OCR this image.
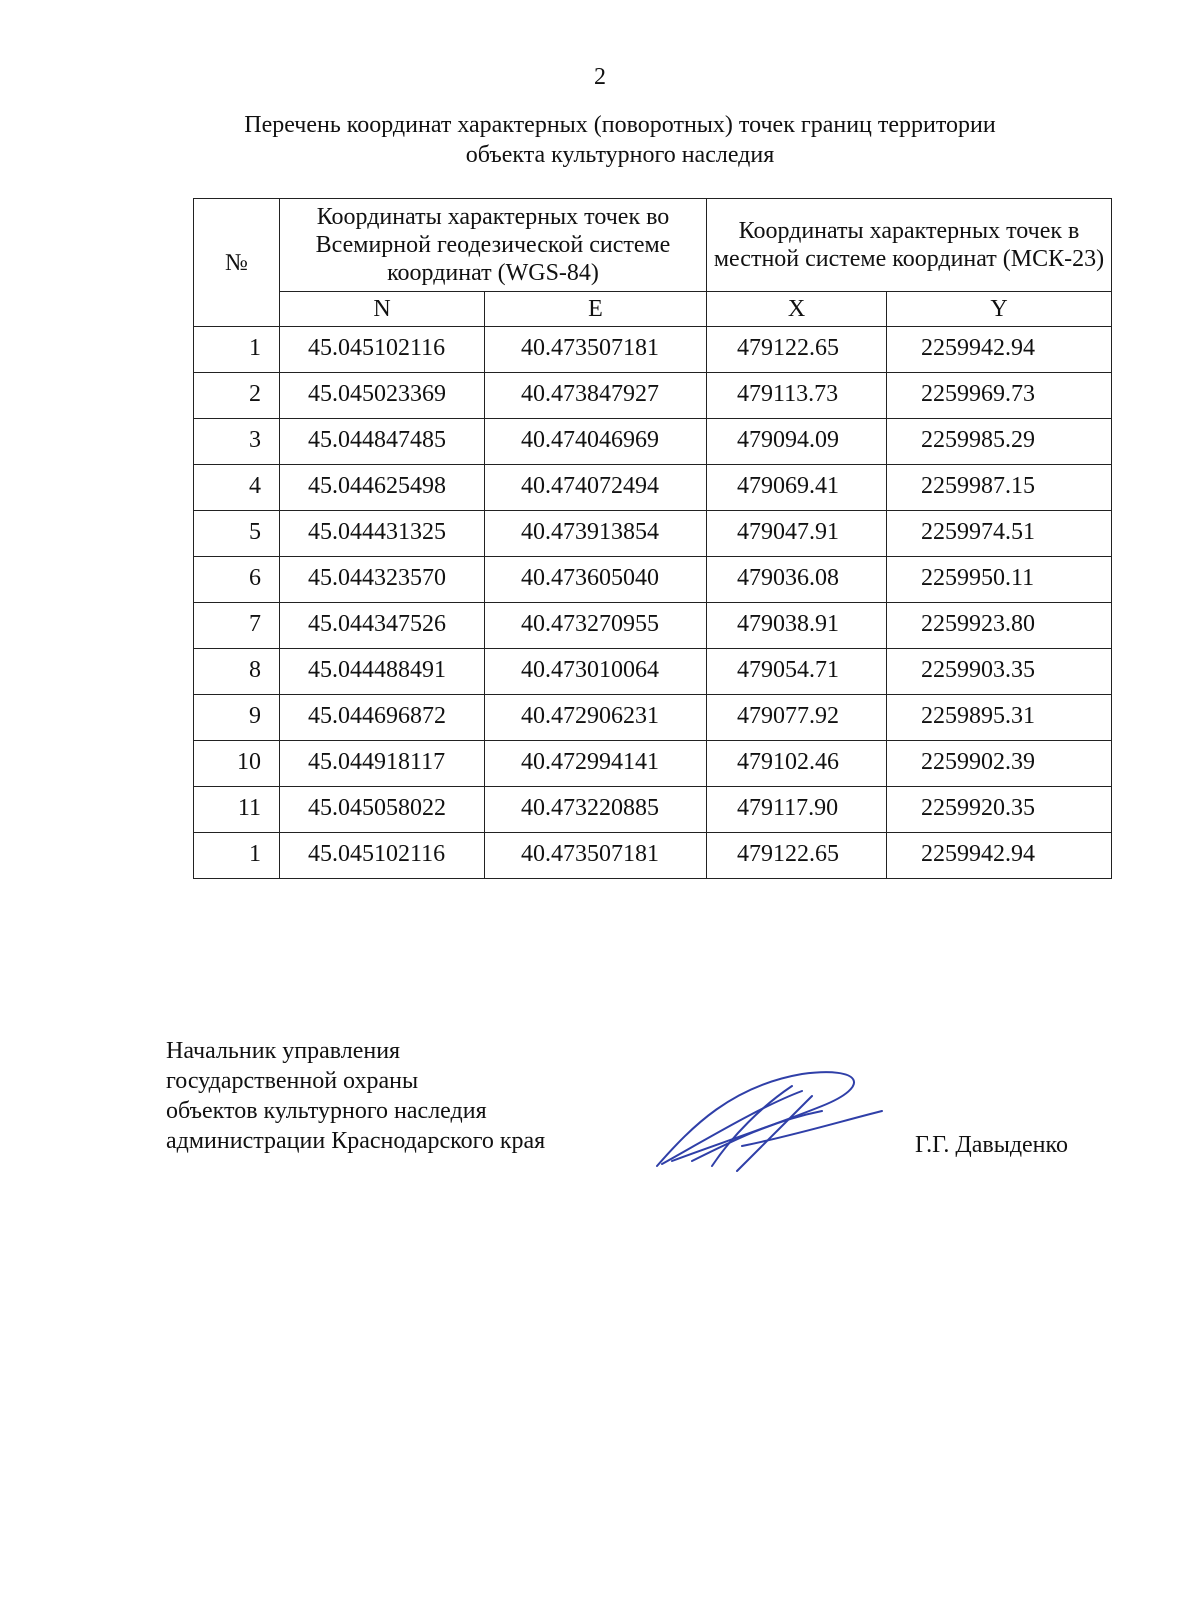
2
Перечень координат характерных (поворотных) точек границ территории
объекта культурного наследия
№	Координаты характерных точек во Всемирной геодезической системе координат (WGS-84)		Координаты характерных точек в местной системе координат (МСК-23)	
	N	E	X	Y
1	45.045102116	40.473507181	479122.65	2259942.94
2	45.045023369	40.473847927	479113.73	2259969.73
3	45.044847485	40.474046969	479094.09	2259985.29
4	45.044625498	40.474072494	479069.41	2259987.15
5	45.044431325	40.473913854	479047.91	2259974.51
6	45.044323570	40.473605040	479036.08	2259950.11
7	45.044347526	40.473270955	479038.91	2259923.80
8	45.044488491	40.473010064	479054.71	2259903.35
9	45.044696872	40.472906231	479077.92	2259895.31
10	45.044918117	40.472994141	479102.46	2259902.39
11	45.045058022	40.473220885	479117.90	2259920.35
1	45.045102116	40.473507181	479122.65	2259942.94
Начальник управления
государственной охраны
объектов культурного наследия
администрации Краснодарского края	Г.Г. Давыденко
